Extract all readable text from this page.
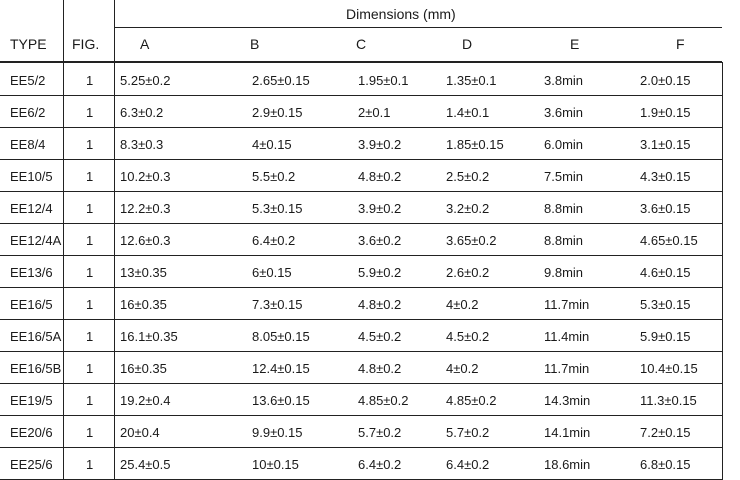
Dimensions (mm)
TYPE FIG.	A	B	C	D	E	F
EE5/2	1 5.25±0.2	2.65±0.15	1.95±0.1	1.35±0.1	3.8min	2.0±0.15
EE6/2	1 6.3±0.2	2.9±0.15	2±0.1	1.4±0.1	3.6min	1.9±0.15
EE8/4	1 8.3±0.3	4±0.15	3.9±0.2	1.85±0.15	6.0min	3.1±0.15
EE10/5	1 10.2±0.3	5.5±0.2	4.8±0.2	2.5±0.2	7.5min	4.3±0.15
EE12/4	1 12.2±0.3	5.3±0.15	3.9±0.2	3.2±0.2	8.8min	3.6±0.15
EE12/4A 1 12.6±0.3	6.4±0.2	3.6±0.2	3.65±0.2	8.8min	4.65±0.15
EE13/6	1 13±0.35	6±0.15	5.9±0.2	2.6±0.2	9.8min	4.6±0.15
EE16/5	1 16±0.35	7.3±0.15	4.8±0.2	4±0.2	11.7min	5.3±0.15
EE16/5A 1 16.1±0.35	8.05±0.15	4.5±0.2	4.5±0.2	11.4min	5.9±0.15
EE16/5B 1 16±0.35	12.4±0.15	4.8±0.2	4±0.2	11.7min	10.4±0.15
EE19/5	1 19.2±0.4	13.6±0.15	4.85±0.2	4.85±0.2	14.3min	11.3±0.15
EE20/6	1 20±0.4	9.9±0.15	5.7±0.2	5.7±0.2	14.1min	7.2±0.15
EE25/6	1 25.4±0.5	10±0.15	6.4±0.2	6.4±0.2	18.6min	6.8±0.15
